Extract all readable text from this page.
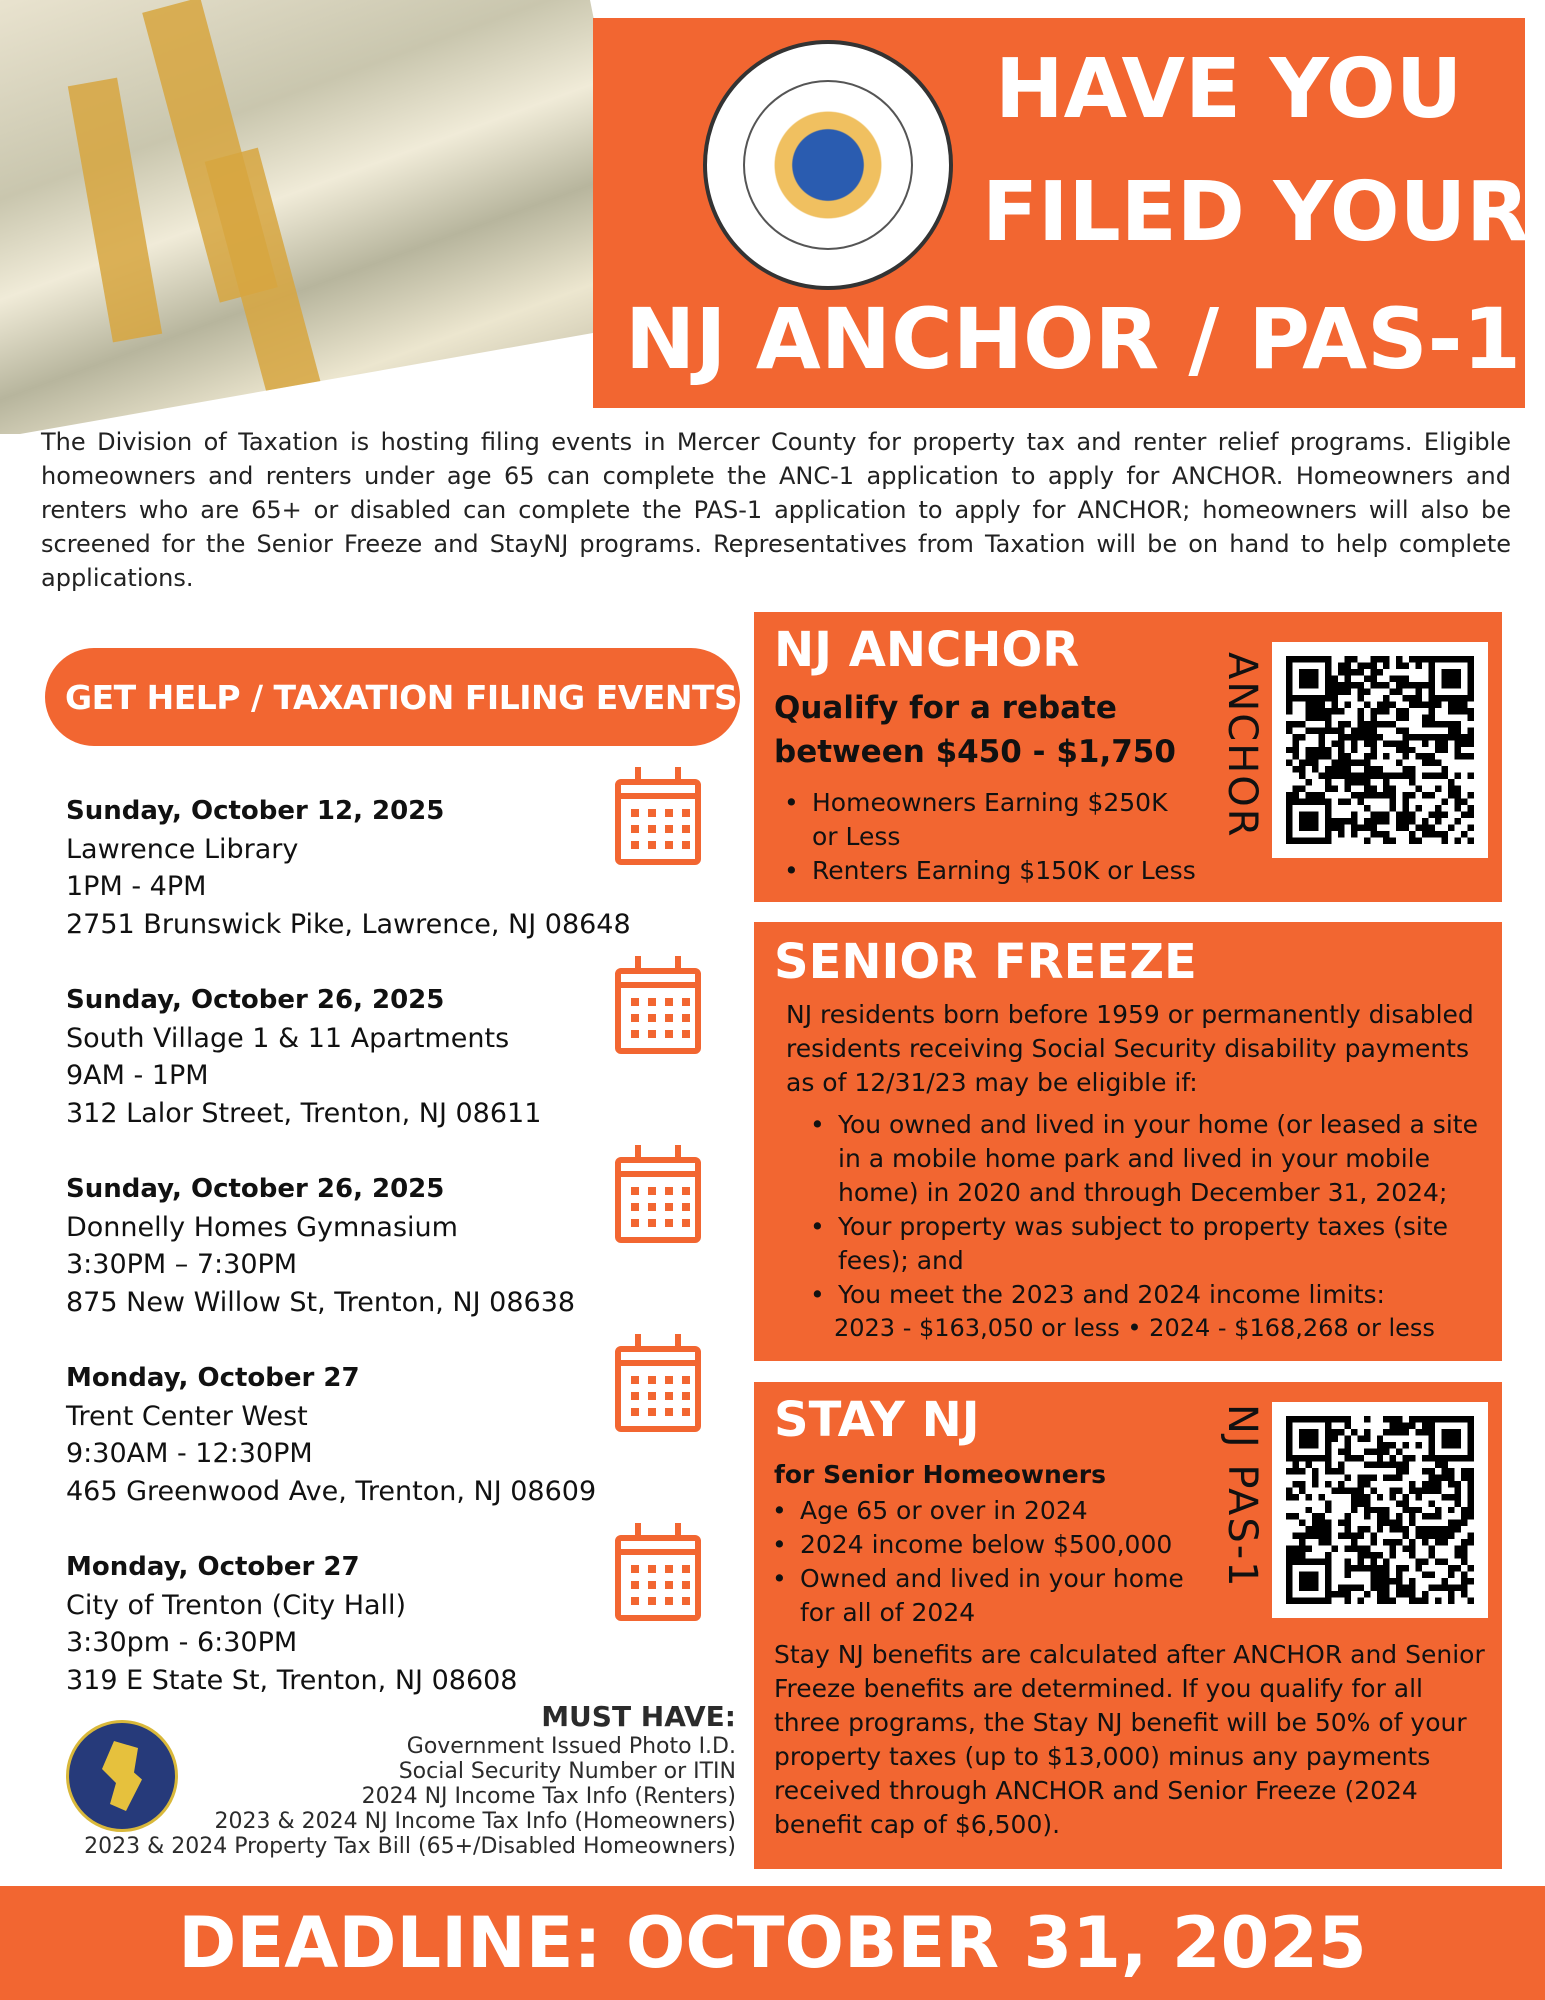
HAVE YOU
FILED YOUR
NJ ANCHOR / PAS-1

The Division of Taxation is hosting filing events in Mercer County for property tax and renter relief programs. Eligible homeowners and renters under age 65 can complete the ANC-1 application to apply for ANCHOR. Homeowners and renters who are 65+ or disabled can complete the PAS-1 application to apply for ANCHOR; homeowners will also be screened for the Senior Freeze and StayNJ programs. Representatives from Taxation will be on hand to help complete applications.

GET HELP / TAXATION FILING EVENTS
Sunday, October 12, 2025
Lawrence Library
1PM - 4PM
2751 Brunswick Pike, Lawrence, NJ 08648
Sunday, October 26, 2025
South Village 1 & 11 Apartments
9AM - 1PM
312 Lalor Street, Trenton, NJ 08611
Sunday, October 26, 2025
Donnelly Homes Gymnasium
3:30PM – 7:30PM
875 New Willow St, Trenton, NJ 08638
Monday, October 27
Trent Center West
9:30AM - 12:30PM
465 Greenwood Ave, Trenton, NJ 08609
Monday, October 27
City of Trenton (City Hall)
3:30pm - 6:30PM
319 E State St, Trenton, NJ 08608
MUST HAVE:
Government Issued Photo I.D.
Social Security Number or ITIN
2024 NJ Income Tax Info (Renters)
2023 & 2024 NJ Income Tax Info (Homeowners)
2023 & 2024 Property Tax Bill (65+/Disabled Homeowners)
NJ ANCHOR
Qualify for a rebate
between $450 - $1,750
• Homeowners Earning $250K or Less
• Renters Earning $150K or Less
ANCHOR
SENIOR FREEZE

NJ residents born before 1959 or permanently disabled residents receiving Social Security disability payments as of 12/31/23 may be eligible if:

• You owned and lived in your home (or leased a site in a mobile home park and lived in your mobile home) in 2020 and through December 31, 2024;
• Your property was subject to property taxes (site fees); and
• You meet the 2023 and 2024 income limits:
2023 - $163,050 or less • 2024 - $168,268 or less
STAY NJ
for Senior Homeowners
• Age 65 or over in 2024
• 2024 income below $500,000
• Owned and lived in your home for all of 2024
NJ PAS-1

Stay NJ benefits are calculated after ANCHOR and Senior Freeze benefits are determined. If you qualify for all three programs, the Stay NJ benefit will be 50% of your property taxes (up to $13,000) minus any payments received through ANCHOR and Senior Freeze (2024 benefit cap of $6,500).

DEADLINE: OCTOBER 31, 2025
